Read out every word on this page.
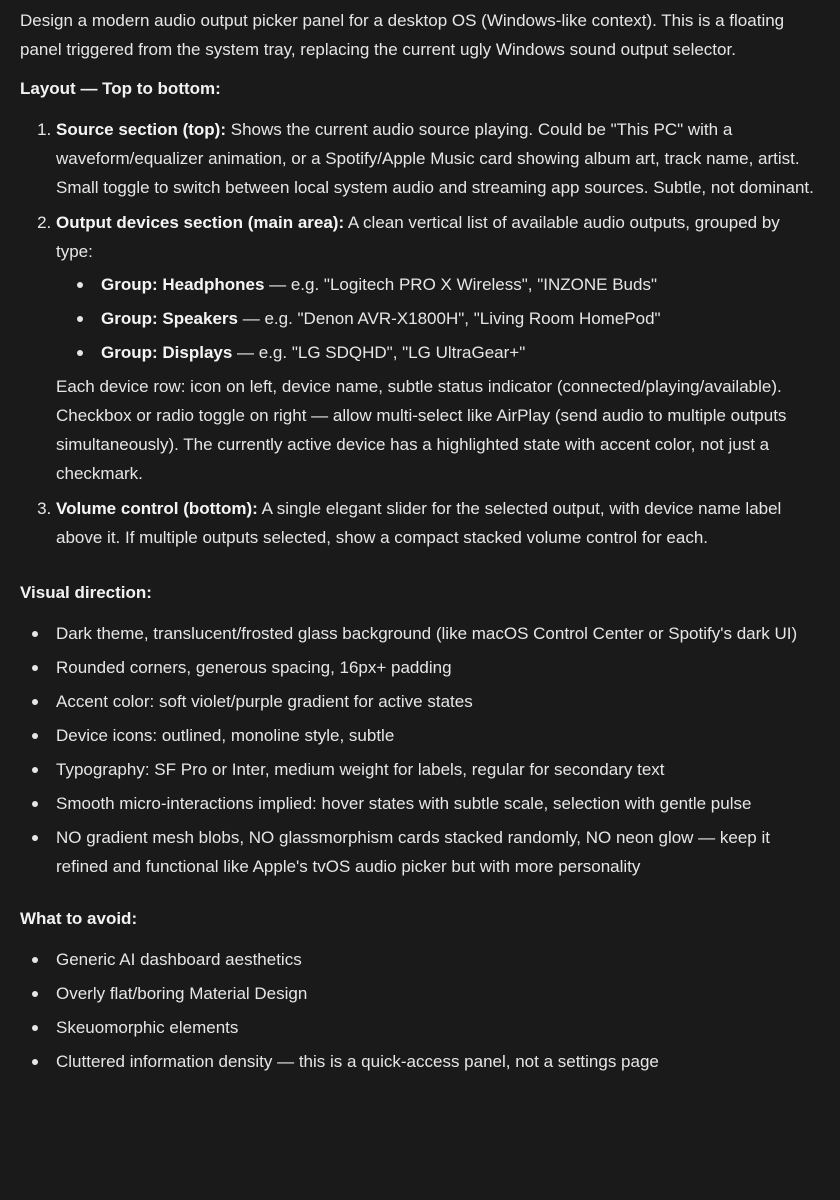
Design a modern audio output picker panel for a desktop OS (Windows-like context). This is a floating panel triggered from the system tray, replacing the current ugly Windows sound output selector.

Layout — Top to bottom:

1. Source section (top): Shows the current audio source playing. Could be "This PC" with a waveform/equalizer animation, or a Spotify/Apple Music card showing album art, track name, artist. Small toggle to switch between local system audio and streaming app sources. Subtle, not dominant.
2. Output devices section (main area): A clean vertical list of available audio outputs, grouped by type:
Group: Headphones — e.g. "Logitech PRO X Wireless", "INZONE Buds"
Group: Speakers — e.g. "Denon AVR-X1800H", "Living Room HomePod"
Group: Displays — e.g. "LG SDQHD", "LG UltraGear+"

Each device row: icon on left, device name, subtle status indicator (connected/playing/available). Checkbox or radio toggle on right — allow multi-select like AirPlay (send audio to multiple outputs simultaneously). The currently active device has a highlighted state with accent color, not just a checkmark.

3. Volume control (bottom): A single elegant slider for the selected output, with device name label above it. If multiple outputs selected, show a compact stacked volume control for each.

Visual direction:

Dark theme, translucent/frosted glass background (like macOS Control Center or Spotify's dark UI)
Rounded corners, generous spacing, 16px+ padding
Accent color: soft violet/purple gradient for active states
Device icons: outlined, monoline style, subtle
Typography: SF Pro or Inter, medium weight for labels, regular for secondary text
Smooth micro-interactions implied: hover states with subtle scale, selection with gentle pulse
NO gradient mesh blobs, NO glassmorphism cards stacked randomly, NO neon glow — keep it refined and functional like Apple's tvOS audio picker but with more personality

What to avoid:

Generic AI dashboard aesthetics
Overly flat/boring Material Design
Skeuomorphic elements
Cluttered information density — this is a quick-access panel, not a settings page
